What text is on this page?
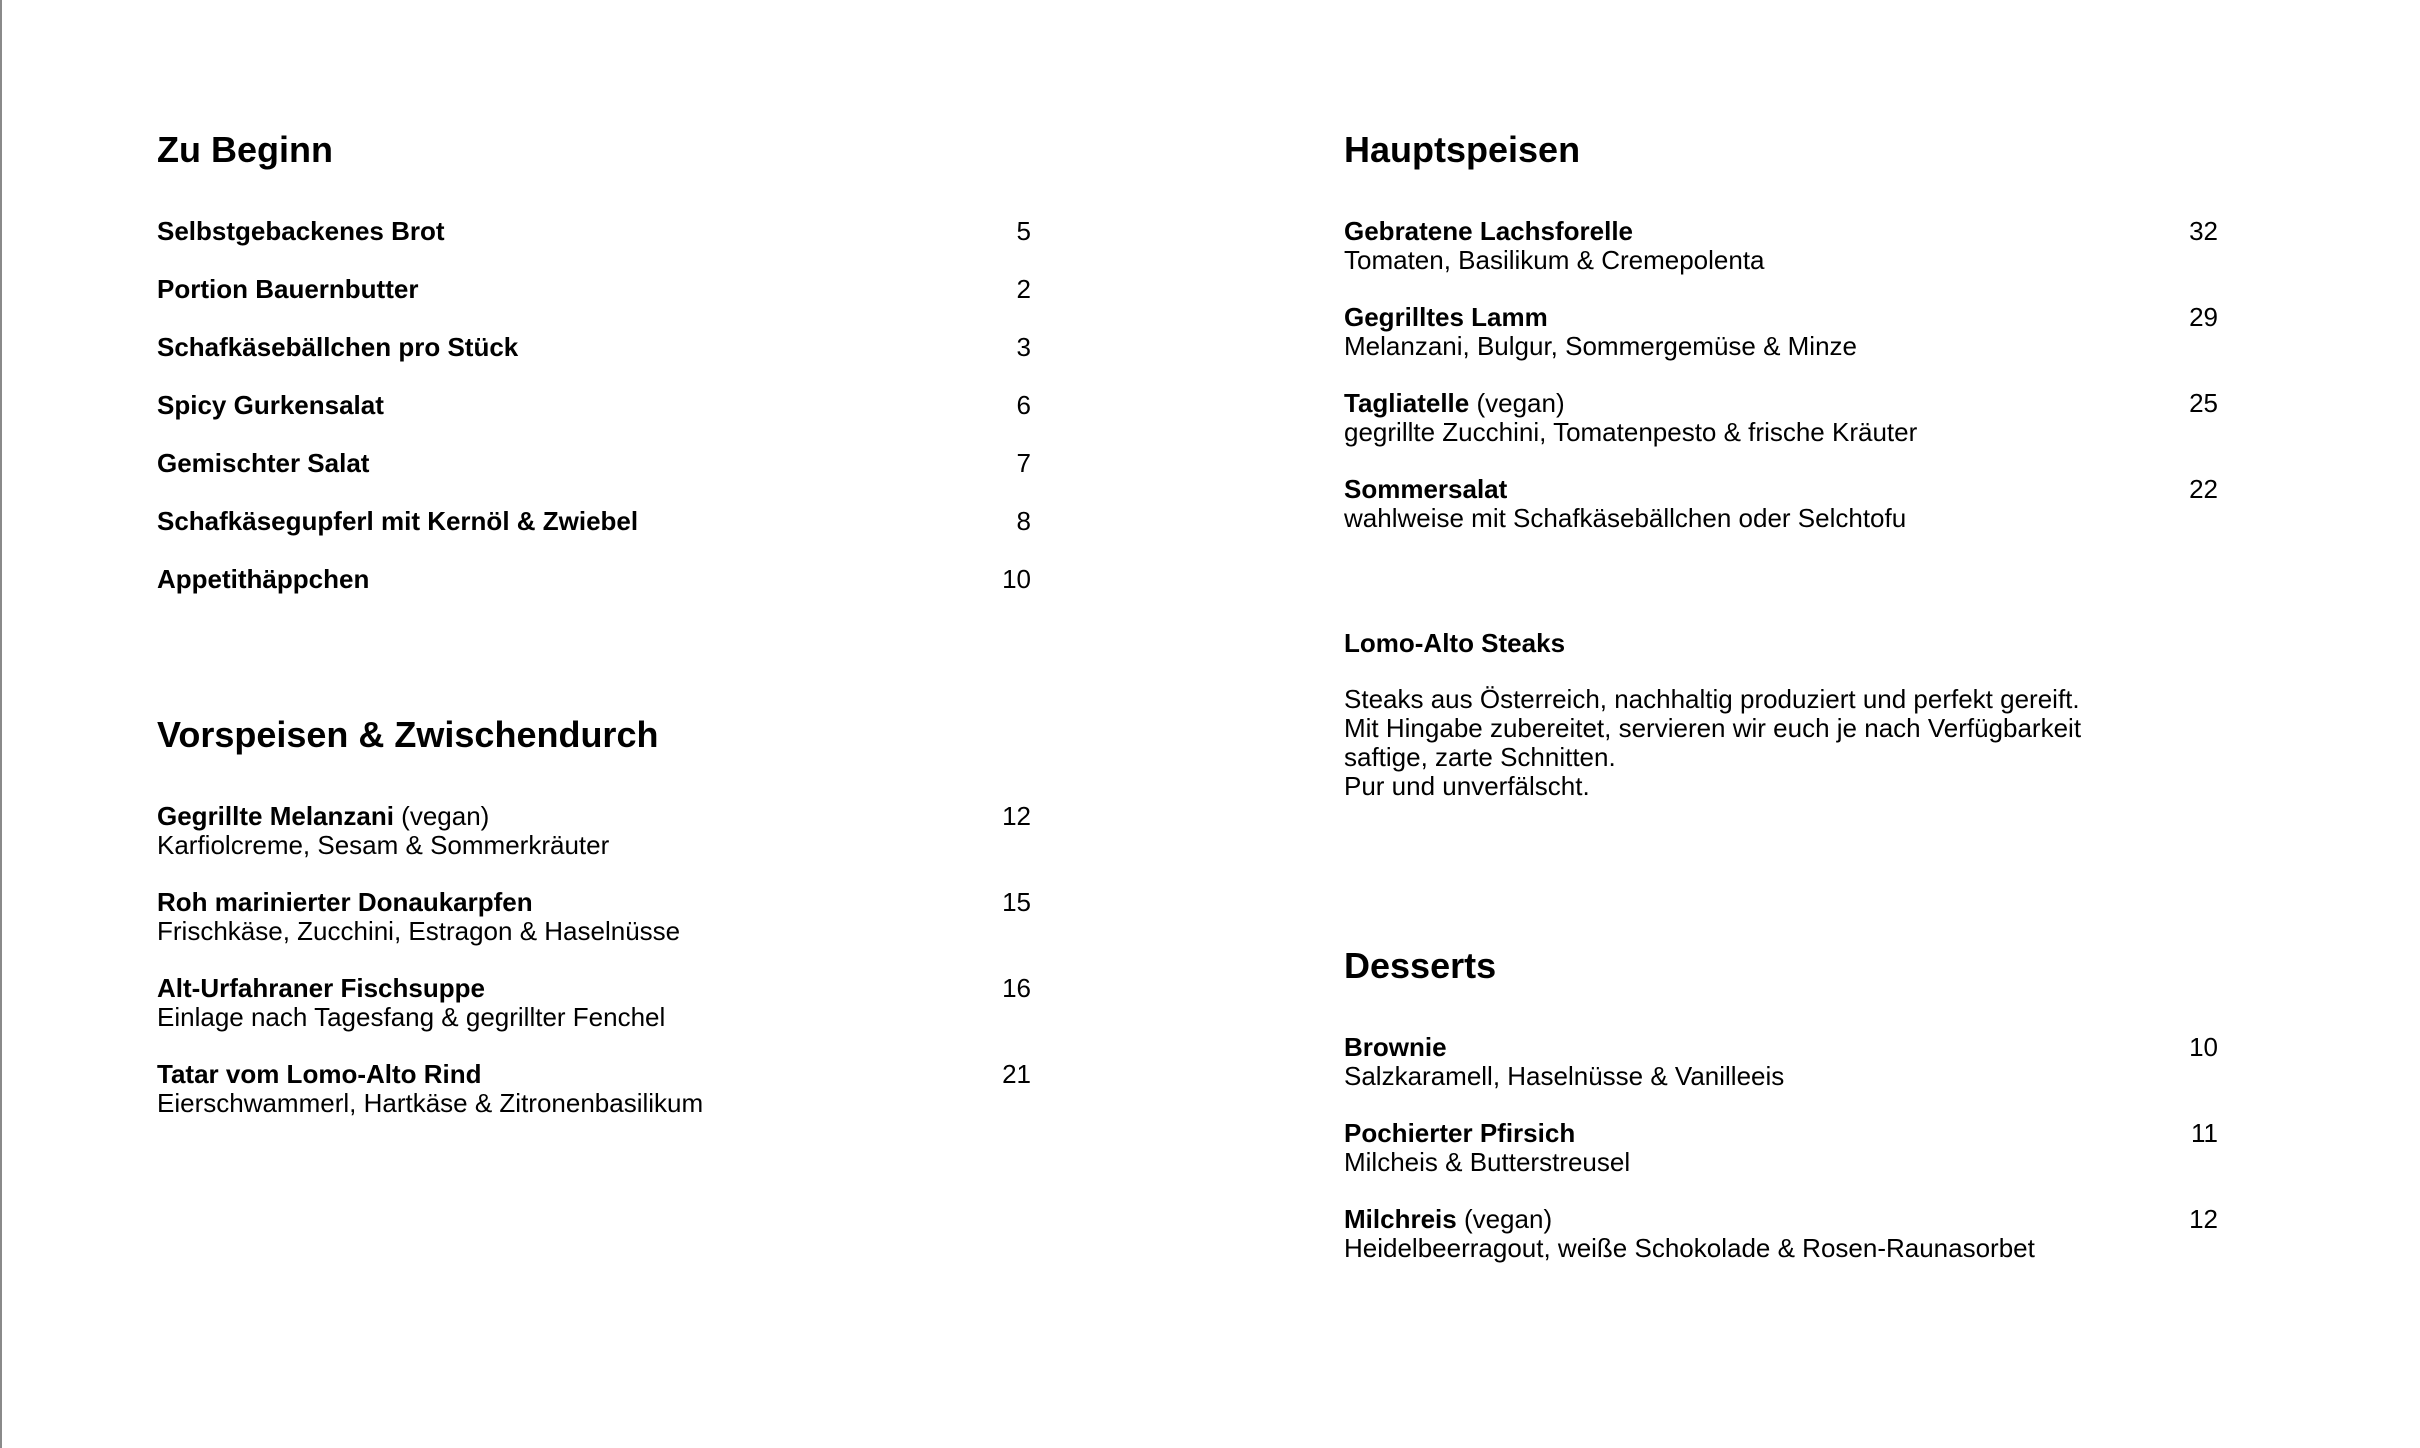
Zu Beginn
Selbstgebackenes Brot	5
Portion Bauernbutter	2
Schafkäsebällchen pro Stück	3
Spicy Gurkensalat	6
Gemischter Salat	7
Schafkäsegupferl mit Kernöl & Zwiebel	8
Appetithäppchen	10
Vorspeisen & Zwischendurch
Gegrillte Melanzani (vegan)	12
Karfiolcreme, Sesam & Sommerkräuter
Roh marinierter Donaukarpfen	15
Frischkäse, Zucchini, Estragon & Haselnüsse
Alt-Urfahraner Fischsuppe	16
Einlage nach Tagesfang & gegrillter Fenchel
Tatar vom Lomo-Alto Rind	21
Eierschwammerl, Hartkäse & Zitronenbasilikum
Hauptspeisen
Gebratene Lachsforelle	32
Tomaten, Basilikum & Cremepolenta
Gegrilltes Lamm	29
Melanzani, Bulgur, Sommergemüse & Minze
Tagliatelle (vegan)	25
gegrillte Zucchini, Tomatenpesto & frische Kräuter
Sommersalat	22
wahlweise mit Schafkäsebällchen oder Selchtofu
Lomo-Alto Steaks
Steaks aus Österreich, nachhaltig produziert und perfekt gereift.
Mit Hingabe zubereitet, servieren wir euch je nach Verfügbarkeit
saftige, zarte Schnitten.
Pur und unverfälscht.
Desserts
Brownie	10
Salzkaramell, Haselnüsse & Vanilleeis
Pochierter Pfirsich	11
Milcheis & Butterstreusel
Milchreis (vegan)	12
Heidelbeerragout, weiße Schokolade & Rosen-Raunasorbet
